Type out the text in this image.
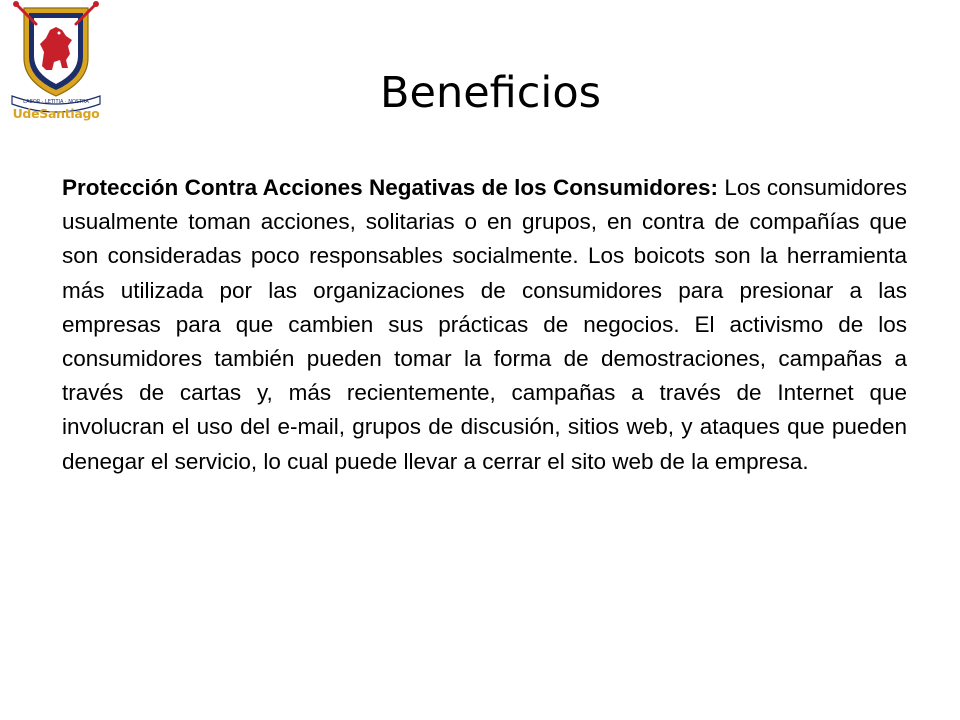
LABOR · LETITIA · NOSTRA
UdeSantiago	Beneficios

Protección Contra Acciones Negativas de los Consumidores: Los consumidores usualmente toman acciones, solitarias o en grupos, en contra de compañías que son consideradas poco responsables socialmente. Los boicots son la herramienta más utilizada por las organizaciones de consumidores para presionar a las empresas para que cambien sus prácticas de negocios. El activismo de los consumidores también pueden tomar la forma de demostraciones, campañas a través de cartas y, más recientemente, campañas a través de Internet que involucran el uso del e-mail, grupos de discusión, sitios web, y ataques que pueden denegar el servicio, lo cual puede llevar a cerrar el sito web de la empresa.
